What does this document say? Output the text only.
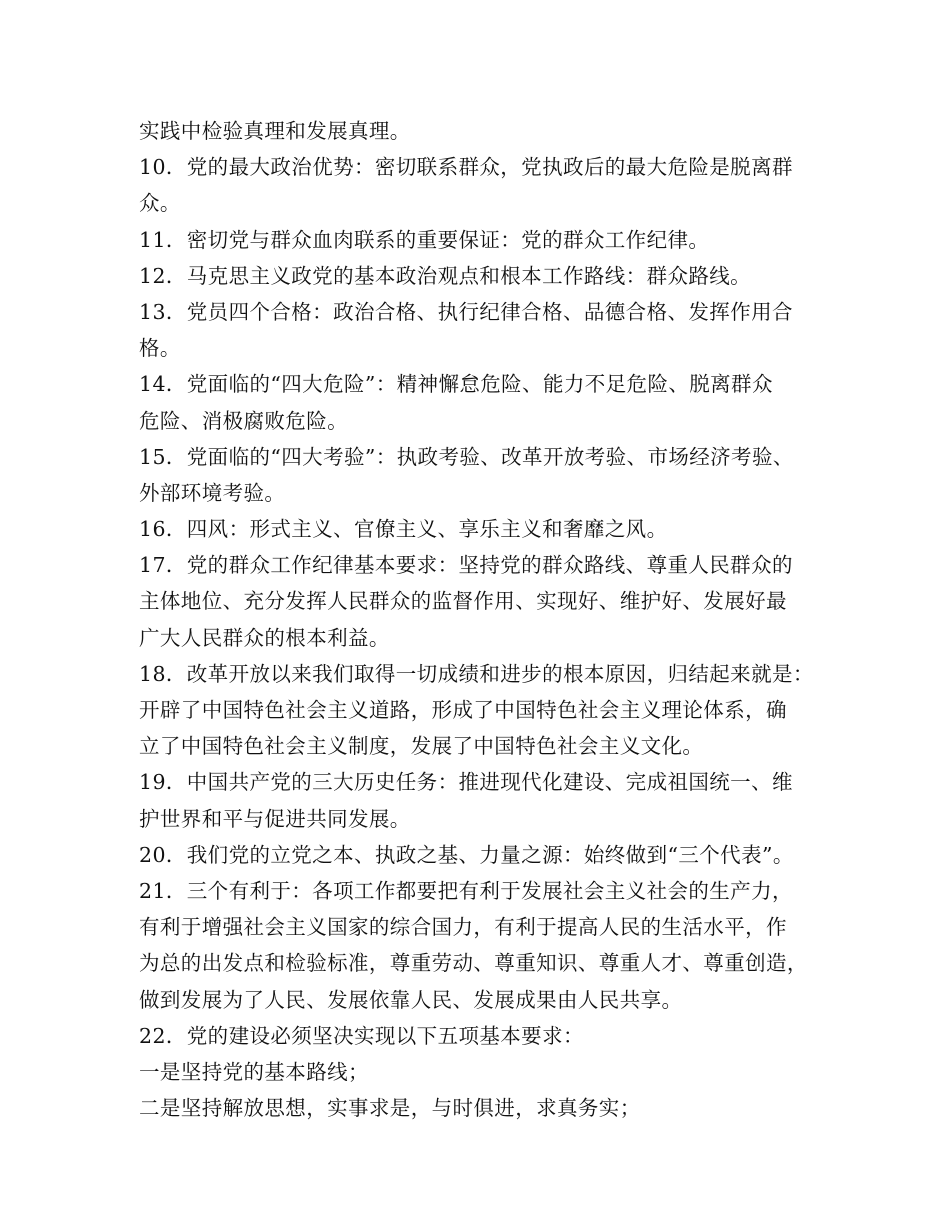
实践中检验真理和发展真理。
10．党的最大政治优势：密切联系群众，党执政后的最大危险是脱离群
众。
11．密切党与群众血肉联系的重要保证：党的群众工作纪律。
12．马克思主义政党的基本政治观点和根本工作路线：群众路线。
13．党员四个合格：政治合格、执行纪律合格、品德合格、发挥作用合
格。
14．党面临的“四大危险”：精神懈怠危险、能力不足危险、脱离群众
危险、消极腐败危险。
15．党面临的“四大考验”：执政考验、改革开放考验、市场经济考验、
外部环境考验。
16．四风：形式主义、官僚主义、享乐主义和奢靡之风。
17．党的群众工作纪律基本要求：坚持党的群众路线、尊重人民群众的
主体地位、充分发挥人民群众的监督作用、实现好、维护好、发展好最
广大人民群众的根本利益。
18．改革开放以来我们取得一切成绩和进步的根本原因，归结起来就是：
开辟了中国特色社会主义道路，形成了中国特色社会主义理论体系，确
立了中国特色社会主义制度，发展了中国特色社会主义文化。
19．中国共产党的三大历史任务：推进现代化建设、完成祖国统一、维
护世界和平与促进共同发展。
20．我们党的立党之本、执政之基、力量之源：始终做到“三个代表”。
21．三个有利于：各项工作都要把有利于发展社会主义社会的生产力，
有利于增强社会主义国家的综合国力，有利于提高人民的生活水平，作
为总的出发点和检验标准，尊重劳动、尊重知识、尊重人才、尊重创造，
做到发展为了人民、发展依靠人民、发展成果由人民共享。
22．党的建设必须坚决实现以下五项基本要求：
一是坚持党的基本路线；
二是坚持解放思想，实事求是，与时俱进，求真务实；
